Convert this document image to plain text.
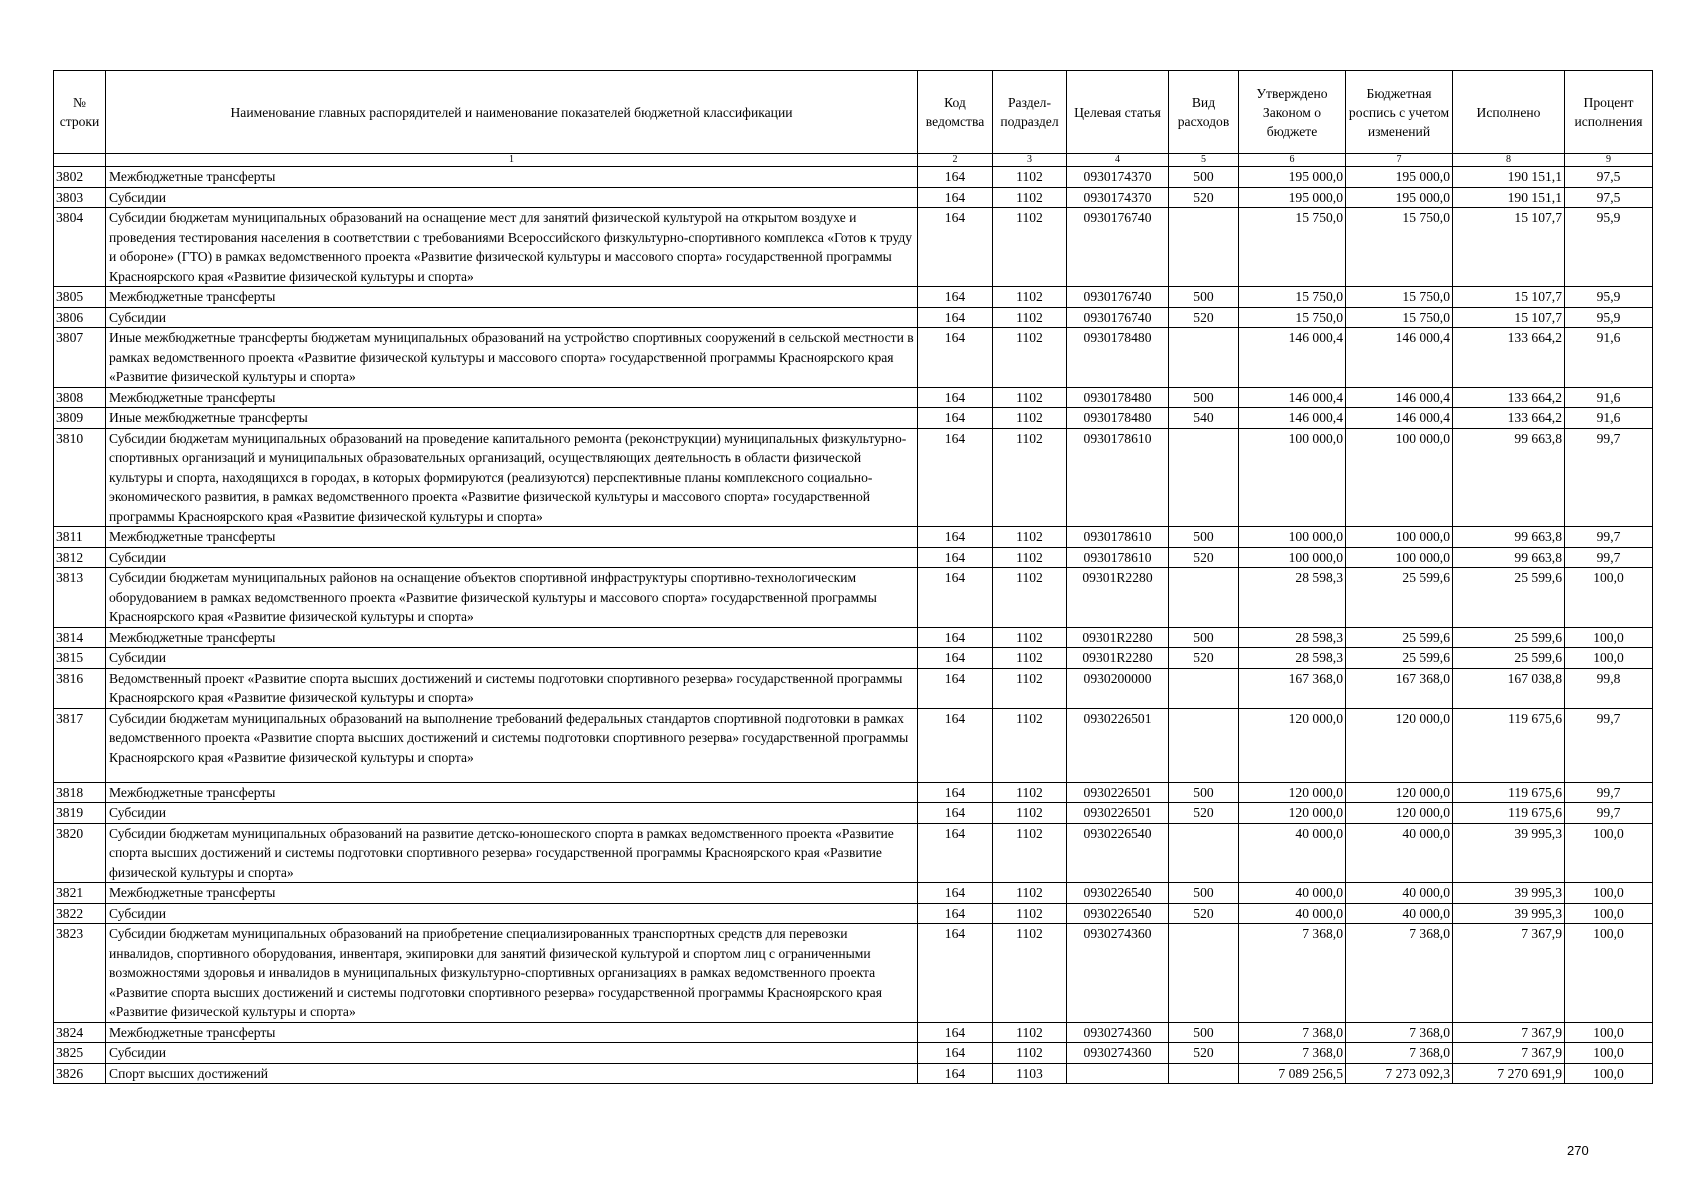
№ строки	Наименование главных распорядителей и наименование показателей бюджетной классификации	Код ведомства	Раздел-подраздел	Целевая статья	Вид расходов	Утверждено Законом о бюджете	Бюджетная роспись с учетом изменений	Исполнено	Процент исполнения
	1	2	3	4	5	6	7	8	9
3802	Межбюджетные трансферты	164	1102	0930174370	500	195 000,0	195 000,0	190 151,1	97,5
3803	Субсидии	164	1102	0930174370	520	195 000,0	195 000,0	190 151,1	97,5
3804	Субсидии бюджетам муниципальных образований на оснащение мест для занятий физической культурой на открытом воздухе и проведения тестирования населения в соответствии с требованиями Всероссийского физкультурно-спортивного комплекса «Готов к труду и обороне» (ГТО) в рамках ведомственного проекта «Развитие физической культуры и массового спорта» государственной программы Красноярского края «Развитие физической культуры и спорта»	164	1102	0930176740		15 750,0	15 750,0	15 107,7	95,9
3805	Межбюджетные трансферты	164	1102	0930176740	500	15 750,0	15 750,0	15 107,7	95,9
3806	Субсидии	164	1102	0930176740	520	15 750,0	15 750,0	15 107,7	95,9
3807	Иные межбюджетные трансферты бюджетам муниципальных образований на устройство спортивных сооружений в сельской местности в рамках ведомственного проекта «Развитие физической культуры и массового спорта» государственной программы Красноярского края «Развитие физической культуры и спорта»	164	1102	0930178480		146 000,4	146 000,4	133 664,2	91,6
3808	Межбюджетные трансферты	164	1102	0930178480	500	146 000,4	146 000,4	133 664,2	91,6
3809	Иные межбюджетные трансферты	164	1102	0930178480	540	146 000,4	146 000,4	133 664,2	91,6
3810	Субсидии бюджетам муниципальных образований на проведение капитального ремонта (реконструкции) муниципальных физкультурно-спортивных организаций и муниципальных образовательных организаций, осуществляющих деятельность в области физической культуры и спорта, находящихся в городах, в которых формируются (реализуются) перспективные планы комплексного социально-экономического развития, в рамках ведомственного проекта «Развитие физической культуры и массового спорта» государственной программы Красноярского края «Развитие физической культуры и спорта»	164	1102	0930178610		100 000,0	100 000,0	99 663,8	99,7
3811	Межбюджетные трансферты	164	1102	0930178610	500	100 000,0	100 000,0	99 663,8	99,7
3812	Субсидии	164	1102	0930178610	520	100 000,0	100 000,0	99 663,8	99,7
3813	Субсидии бюджетам муниципальных районов на оснащение объектов спортивной инфраструктуры спортивно-технологическим оборудованием в рамках ведомственного проекта «Развитие физической культуры и массового спорта» государственной программы Красноярского края «Развитие физической культуры и спорта»	164	1102	09301R2280		28 598,3	25 599,6	25 599,6	100,0
3814	Межбюджетные трансферты	164	1102	09301R2280	500	28 598,3	25 599,6	25 599,6	100,0
3815	Субсидии	164	1102	09301R2280	520	28 598,3	25 599,6	25 599,6	100,0
3816	Ведомственный проект «Развитие спорта высших достижений и системы подготовки спортивного резерва» государственной программы Красноярского края «Развитие физической культуры и спорта»	164	1102	0930200000		167 368,0	167 368,0	167 038,8	99,8
3817	Субсидии бюджетам муниципальных образований на выполнение требований федеральных стандартов спортивной подготовки в рамках ведомственного проекта «Развитие спорта высших достижений и системы подготовки спортивного резерва» государственной программы Красноярского края «Развитие физической культуры и спорта»	164	1102	0930226501		120 000,0	120 000,0	119 675,6	99,7
3818	Межбюджетные трансферты	164	1102	0930226501	500	120 000,0	120 000,0	119 675,6	99,7
3819	Субсидии	164	1102	0930226501	520	120 000,0	120 000,0	119 675,6	99,7
3820	Субсидии бюджетам муниципальных образований на развитие детско-юношеского спорта в рамках ведомственного проекта «Развитие спорта высших достижений и системы подготовки спортивного резерва» государственной программы Красноярского края «Развитие физической культуры и спорта»	164	1102	0930226540		40 000,0	40 000,0	39 995,3	100,0
3821	Межбюджетные трансферты	164	1102	0930226540	500	40 000,0	40 000,0	39 995,3	100,0
3822	Субсидии	164	1102	0930226540	520	40 000,0	40 000,0	39 995,3	100,0
3823	Субсидии бюджетам муниципальных образований на приобретение специализированных транспортных средств для перевозки инвалидов, спортивного оборудования, инвентаря, экипировки для занятий физической культурой и спортом лиц с ограниченными возможностями здоровья и инвалидов в муниципальных физкультурно-спортивных организациях в рамках ведомственного проекта «Развитие спорта высших достижений и системы подготовки спортивного резерва» государственной программы Красноярского края «Развитие физической культуры и спорта»	164	1102	0930274360		7 368,0	7 368,0	7 367,9	100,0
3824	Межбюджетные трансферты	164	1102	0930274360	500	7 368,0	7 368,0	7 367,9	100,0
3825	Субсидии	164	1102	0930274360	520	7 368,0	7 368,0	7 367,9	100,0
3826	Спорт высших достижений	164	1103			7 089 256,5	7 273 092,3	7 270 691,9	100,0
270
